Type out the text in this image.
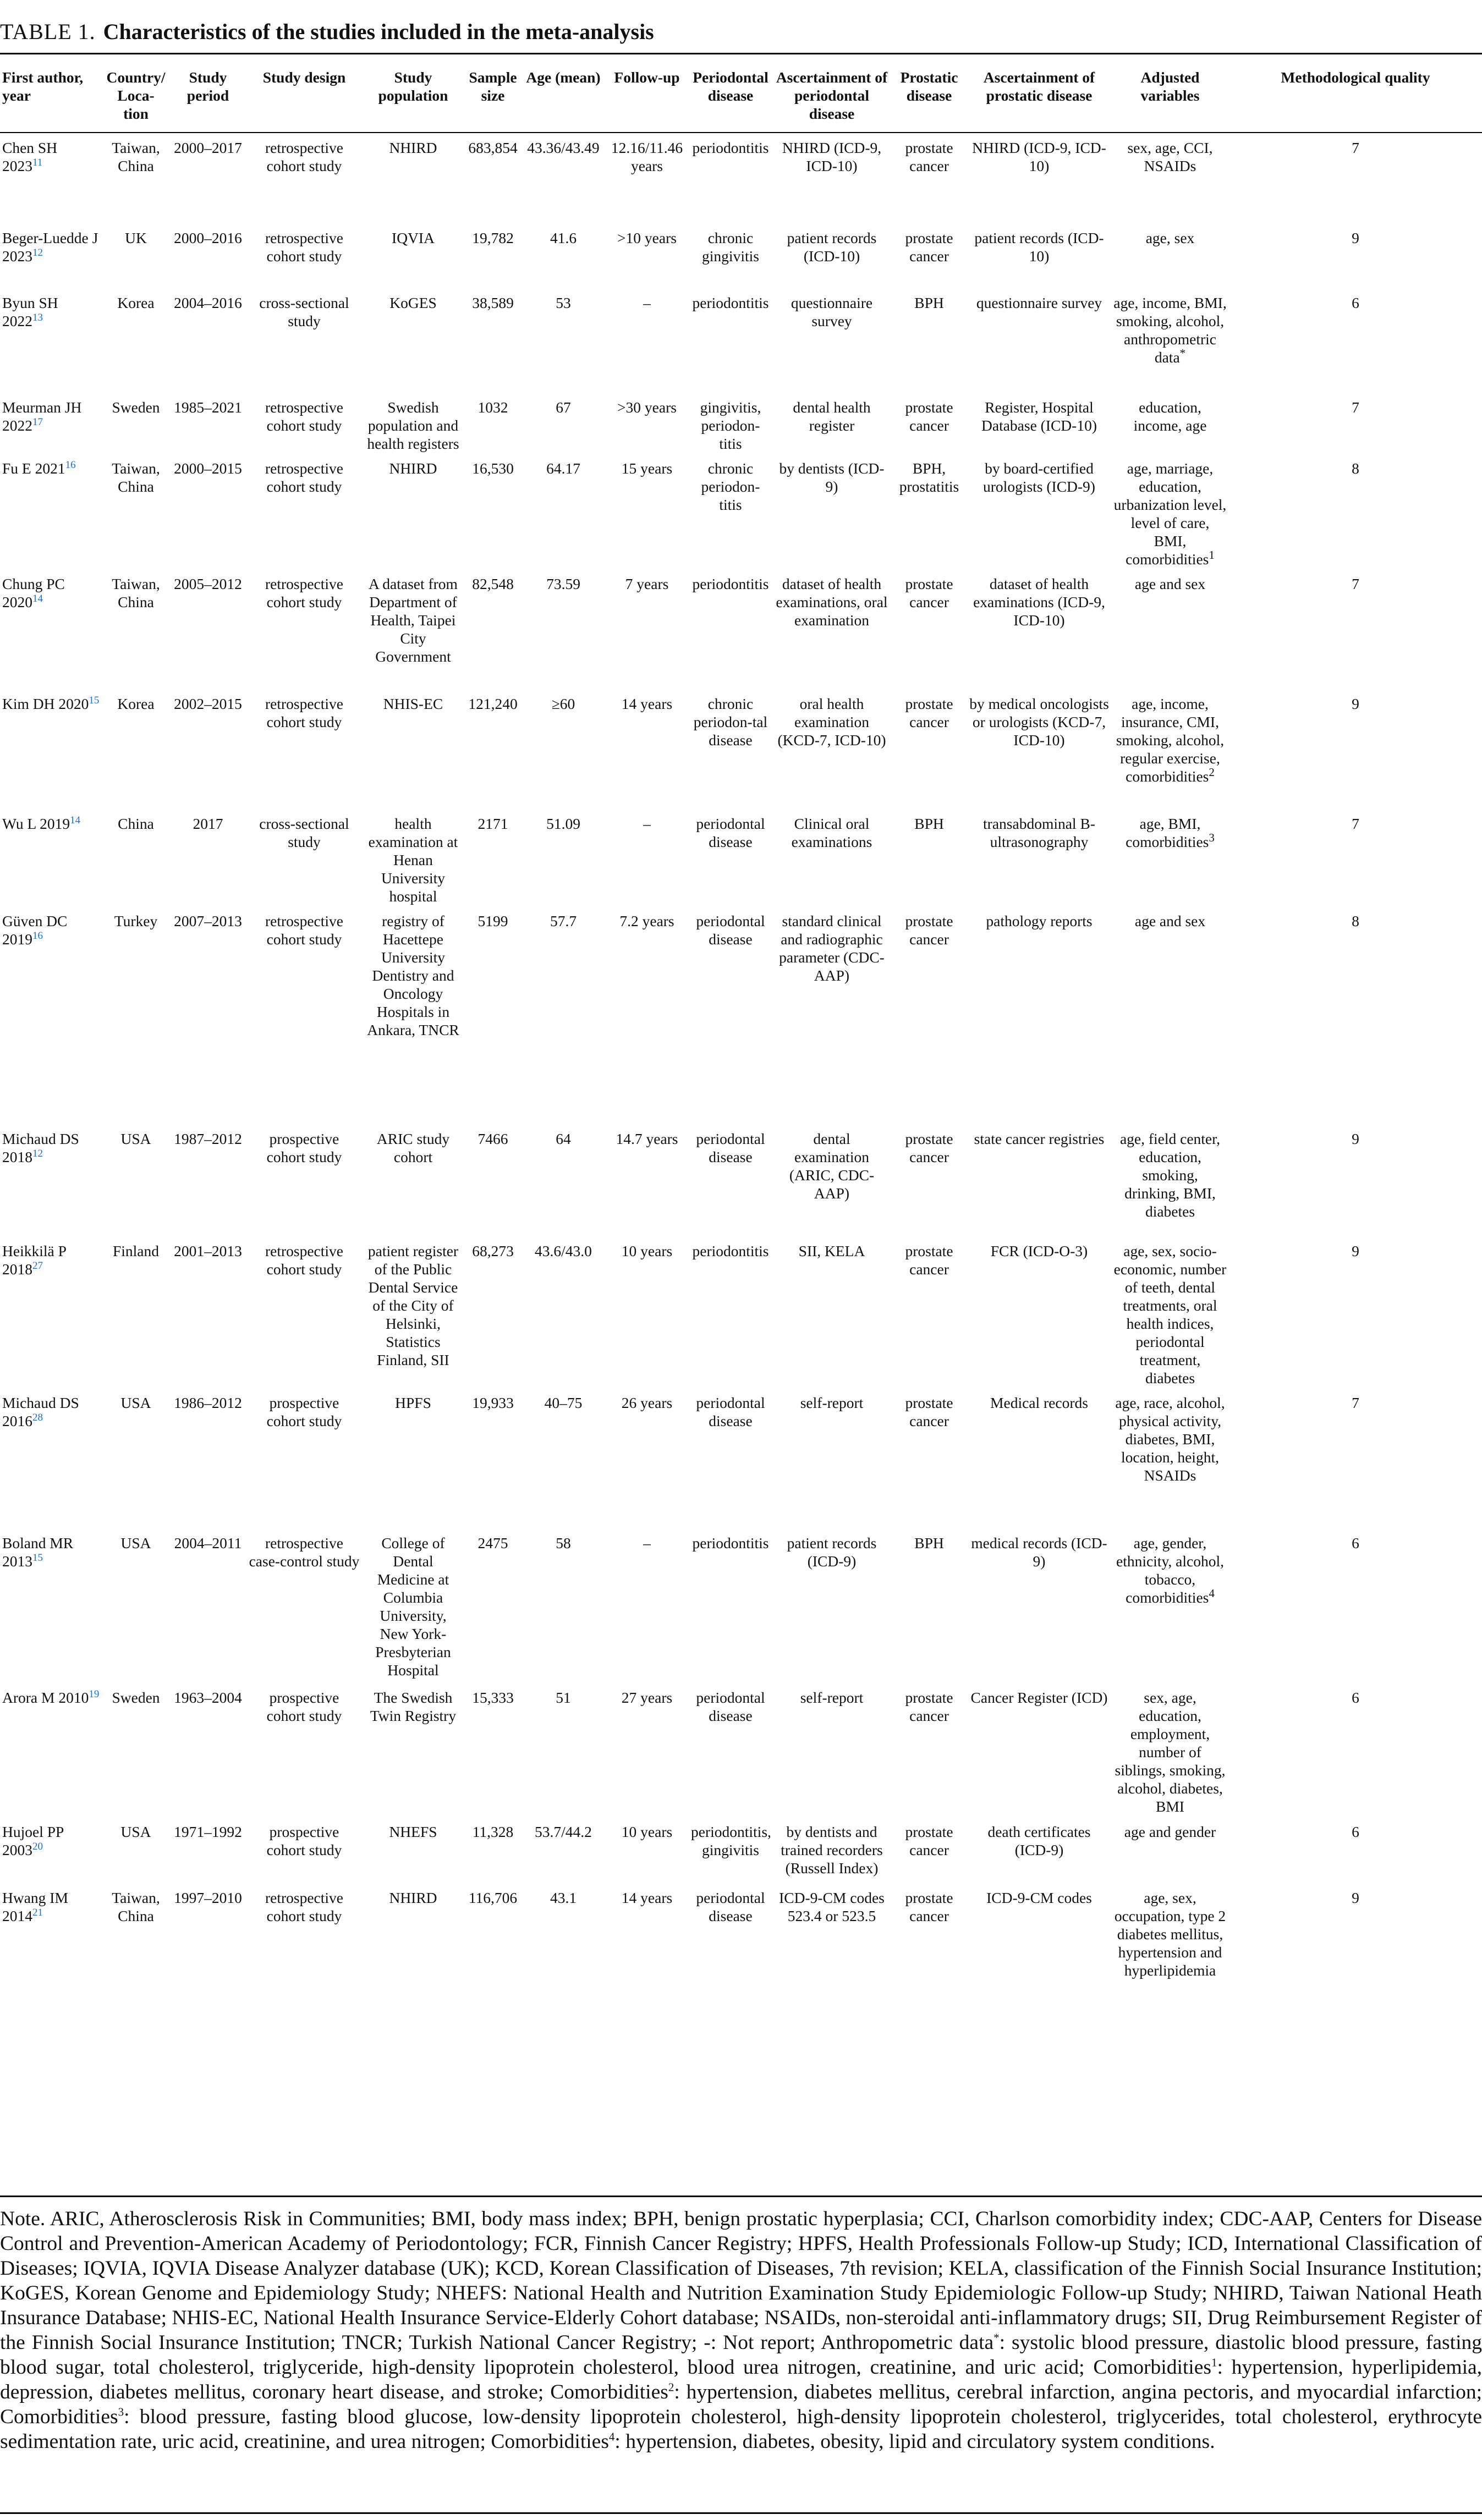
TABLE 1. Characteristics of the studies included in the meta-analysis
First author, year	Country/ Loca- tion	Study period	Study design	Study population	Sample size	Age (mean)	Follow-up	Periodontal disease	Ascertainment of periodontal disease	Prostatic disease	Ascertainment of prostatic disease	Adjusted variables	Methodological quality
Chen SH 2023$^{11}$	Taiwan, China	2000–2017	retrospective cohort study	NHIRD	683,854	43.36/43.49	12.16/11.46 years	periodontitis	NHIRD (ICD-9, ICD-10)	prostate cancer	NHIRD (ICD-9, ICD-10)	sex, age, CCI, NSAIDs	7
Beger-Luedde J 2023$^{12}$	UK	2000–2016	retrospective cohort study	IQVIA	19,782	41.6	>10 years	chronic gingivitis	patient records (ICD-10)	prostate cancer	patient records (ICD-10)	age, sex	9
Byun SH 2022$^{13}$	Korea	2004–2016	cross-sectional study	KoGES	38,589	53	–	periodontitis	questionnaire survey	BPH	questionnaire survey	age, income, BMI, smoking, alcohol, anthropometric data*	6
Meurman JH 2022$^{17}$	Sweden	1985–2021	retrospective cohort study	Swedish population and health registers	1032	67	>30 years	gingivitis, periodon-titis	dental health register	prostate cancer	Register, Hospital Database (ICD-10)	education, income, age	7
Fu E 2021$^{16}$	Taiwan, China	2000–2015	retrospective cohort study	NHIRD	16,530	64.17	15 years	chronic periodon-titis	by dentists (ICD-9)	BPH, prostatitis	by board-certified urologists (ICD-9)	age, marriage, education, urbanization level, level of care, BMI, comorbidities$^1$	8
Chung PC 2020$^{14}$	Taiwan, China	2005–2012	retrospective cohort study	A dataset from Department of Health, Taipei City Government	82,548	73.59	7 years	periodontitis	dataset of health examinations, oral examination	prostate cancer	dataset of health examinations (ICD-9, ICD-10)	age and sex	7
Kim DH 2020$^{15}$	Korea	2002–2015	retrospective cohort study	NHIS-EC	121,240	≥60	14 years	chronic periodon-tal disease	oral health examination (KCD-7, ICD-10)	prostate cancer	by medical oncologists or urologists (KCD-7, ICD-10)	age, income, insurance, CMI, smoking, alcohol, regular exercise, comorbidities$^2$	9
Wu L 2019$^{14}$	China	2017	cross-sectional study	health examination at Henan University hospital	2171	51.09	–	periodontal disease	Clinical oral examinations	BPH	transabdominal B-ultrasonography	age, BMI, comorbidities$^3$	7
Güven DC 2019$^{16}$	Turkey	2007–2013	retrospective cohort study	registry of Hacettepe University Dentistry and Oncology Hospitals in Ankara, TNCR	5199	57.7	7.2 years	periodontal disease	standard clinical and radiographic parameter (CDC-AAP)	prostate cancer	pathology reports	age and sex	8
Michaud DS 2018$^{12}$	USA	1987–2012	prospective cohort study	ARIC study cohort	7466	64	14.7 years	periodontal disease	dental examination (ARIC, CDC-AAP)	prostate cancer	state cancer registries	age, field center, education, smoking, drinking, BMI, diabetes	9
Heikkilä P 2018$^{27}$	Finland	2001–2013	retrospective cohort study	patient register of the Public Dental Service of the City of Helsinki, Statistics Finland, SII	68,273	43.6/43.0	10 years	periodontitis	SII, KELA	prostate cancer	FCR (ICD-O-3)	age, sex, socio-economic, number of teeth, dental treatments, oral health indices, periodontal treatment, diabetes	9
Michaud DS 2016$^{28}$	USA	1986–2012	prospective cohort study	HPFS	19,933	40–75	26 years	periodontal disease	self-report	prostate cancer	Medical records	age, race, alcohol, physical activity, diabetes, BMI, location, height, NSAIDs	7
Boland MR 2013$^{15}$	USA	2004–2011	retrospective case-control study	College of Dental Medicine at Columbia University, New York-Presbyterian Hospital	2475	58	–	periodontitis	patient records (ICD-9)	BPH	medical records (ICD-9)	age, gender, ethnicity, alcohol, tobacco, comorbidities$^4$	6
Arora M 2010$^{19}$	Sweden	1963–2004	prospective cohort study	The Swedish Twin Registry	15,333	51	27 years	periodontal disease	self-report	prostate cancer	Cancer Register (ICD)	sex, age, education, employment, number of siblings, smoking, alcohol, diabetes, BMI	6
Hujoel PP 2003$^{20}$	USA	1971–1992	prospective cohort study	NHEFS	11,328	53.7/44.2	10 years	periodontitis, gingivitis	by dentists and trained recorders (Russell Index)	prostate cancer	death certificates (ICD-9)	age and gender	6
Hwang IM 2014$^{21}$	Taiwan, China	1997–2010	retrospective cohort study	NHIRD	116,706	43.1	14 years	periodontal disease	ICD-9-CM codes 523.4 or 523.5	prostate cancer	ICD-9-CM codes	age, sex, occupation, type 2 diabetes mellitus, hypertension and hyperlipidemia	9
Note. ARIC, Atherosclerosis Risk in Communities; BMI, body mass index; BPH, benign prostatic hyperplasia; CCI, Charlson comorbidity index; CDC-AAP, Centers for Disease Control and Prevention-American Academy of Periodontology; FCR, Finnish Cancer Registry; HPFS, Health Professionals Follow-up Study; ICD, International Classification of Diseases; IQVIA, IQVIA Disease Analyzer database (UK); KCD, Korean Classification of Diseases, 7th revision; KELA, classification of the Finnish Social Insurance Institution; KoGES, Korean Genome and Epidemiology Study; NHEFS: National Health and Nutrition Examination Study Epidemiologic Follow-up Study; NHIRD, Taiwan National Heath Insurance Database; NHIS-EC, National Health Insurance Service-Elderly Cohort database; NSAIDs, non-steroidal anti-inflammatory drugs; SII, Drug Reimbursement Register of the Finnish Social Insurance Institution; TNCR; Turkish National Cancer Registry; -: Not report; Anthropometric data*: systolic blood pressure, diastolic blood pressure, fasting blood sugar, total cholesterol, triglyceride, high-density lipoprotein cholesterol, blood urea nitrogen, creatinine, and uric acid; Comorbidities$^1$: hypertension, hyperlipidemia, depression, diabetes mellitus, coronary heart disease, and stroke; Comorbidities$^2$: hypertension, diabetes mellitus, cerebral infarction, angina pectoris, and myocardial infarction; Comorbidities$^3$: blood pressure, fasting blood glucose, low-density lipoprotein cholesterol, high-density lipoprotein cholesterol, triglycerides, total cholesterol, erythrocyte sedimentation rate, uric acid, creatinine, and urea nitrogen; Comorbidities$^4$: hypertension, diabetes, obesity, lipid and circulatory system conditions.
